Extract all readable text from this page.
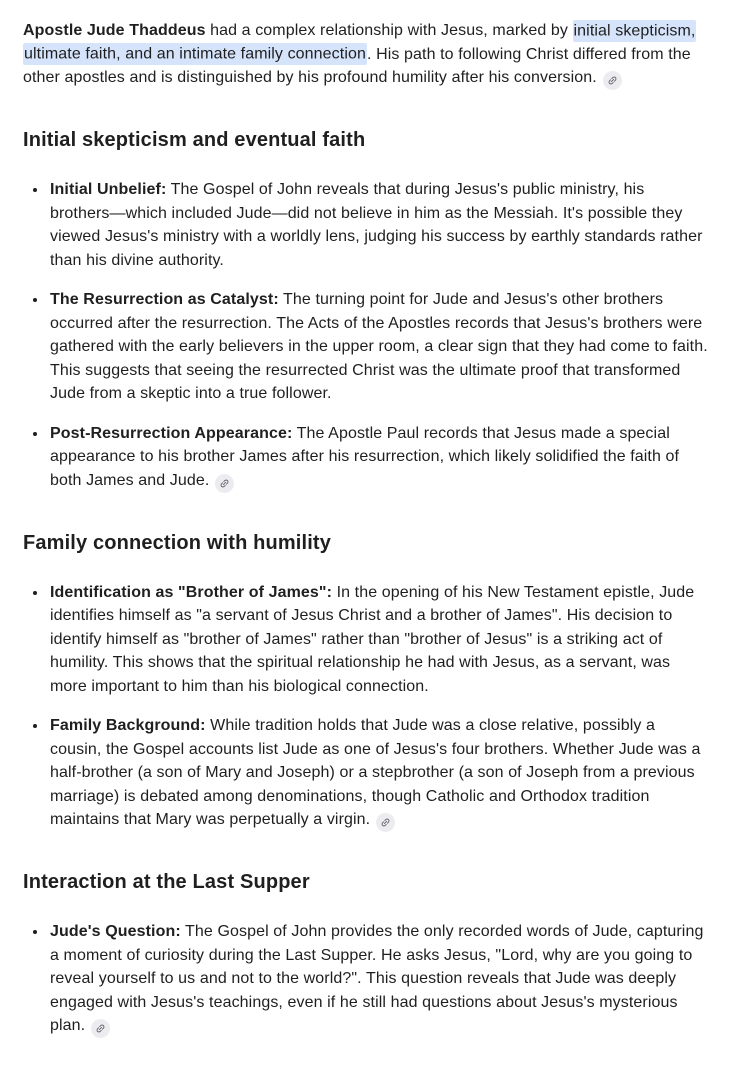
Apostle Jude Thaddeus had a complex relationship with Jesus, marked by initial skepticism, ultimate faith, and an intimate family connection. His path to following Christ differed from the other apostles and is distinguished by his profound humility after his conversion.

Initial skepticism and eventual faith
• Initial Unbelief: The Gospel of John reveals that during Jesus's public ministry, his brothers—which included Jude—did not believe in him as the Messiah. It's possible they viewed Jesus's ministry with a worldly lens, judging his success by earthly standards rather than his divine authority.
• The Resurrection as Catalyst: The turning point for Jude and Jesus's other brothers occurred after the resurrection. The Acts of the Apostles records that Jesus's brothers were gathered with the early believers in the upper room, a clear sign that they had come to faith. This suggests that seeing the resurrected Christ was the ultimate proof that transformed Jude from a skeptic into a true follower.
• Post-Resurrection Appearance: The Apostle Paul records that Jesus made a special appearance to his brother James after his resurrection, which likely solidified the faith of both James and Jude.
Family connection with humility
• Identification as "Brother of James": In the opening of his New Testament epistle, Jude identifies himself as "a servant of Jesus Christ and a brother of James". His decision to identify himself as "brother of James" rather than "brother of Jesus" is a striking act of humility. This shows that the spiritual relationship he had with Jesus, as a servant, was more important to him than his biological connection.
• Family Background: While tradition holds that Jude was a close relative, possibly a cousin, the Gospel accounts list Jude as one of Jesus's four brothers. Whether Jude was a half-brother (a son of Mary and Joseph) or a stepbrother (a son of Joseph from a previous marriage) is debated among denominations, though Catholic and Orthodox tradition maintains that Mary was perpetually a virgin.
Interaction at the Last Supper
• Jude's Question: The Gospel of John provides the only recorded words of Jude, capturing a moment of curiosity during the Last Supper. He asks Jesus, "Lord, why are you going to reveal yourself to us and not to the world?". This question reveals that Jude was deeply engaged with Jesus's teachings, even if he still had questions about Jesus's mysterious plan.
